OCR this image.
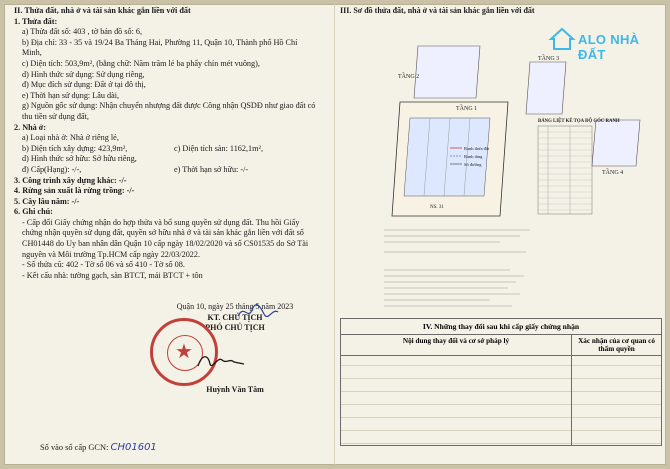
II. Thửa đất, nhà ở và tài sản khác gắn liền với đất
1. Thửa đất:
a) Thửa đất số: 403 , tờ bản đồ số: 6,
b) Địa chỉ: 33 - 35 và 19/24 Ba Tháng Hai, Phường 11, Quận 10, Thành phố Hồ Chí
Minh,
c) Diện tích: 503,9m², (bằng chữ: Năm trăm lẻ ba phẩy chín mét vuông),
d) Hình thức sử dụng: Sử dụng riêng,
đ) Mục đích sử dụng: Đất ở tại đô thị,
e) Thời hạn sử dụng: Lâu dài,
g) Nguồn gốc sử dụng: Nhận chuyển nhượng đất được Công nhận QSDĐ như giao đất có
thu tiền sử dụng đất,
2. Nhà ở:
a) Loại nhà ở: Nhà ở riêng lẻ,
b) Diện tích xây dựng: 423,9m²,	c) Diện tích sàn: 1162,1m²,
d) Hình thức sở hữu: Sở hữu riêng,
đ) Cấp(Hạng): -/-,	e) Thời hạn sở hữu: -/-
3. Công trình xây dựng khác: -/-
4. Rừng sản xuất là rừng trồng: -/-
5. Cây lâu năm: -/-
6. Ghi chú:
- Cấp đổi Giấy chứng nhận do hợp thửa và bổ sung quyền sử dụng đất. Thu hồi Giấy
chứng nhận quyền sử dụng đất, quyền sở hữu nhà ở và tài sản khác gắn liền với đất số
CH01448 do Uy ban nhân dân Quận 10 cấp ngày 18/02/2020 và số CS01535 do Sở Tài
nguyên và Môi trường Tp.HCM cấp ngày 22/03/2022.
- Số thửa cũ: 402 - Tờ số 06 và số 410 - Tờ số 08.
- Kết cấu nhà: tường gạch, sàn BTCT, mái BTCT + tôn
Quận 10, ngày 25 tháng 5 năm 2023
KT. CHỦ TỊCH
PHÓ CHỦ TỊCH
★
Huỳnh Văn Tâm
Số vào sổ cấp GCN: CH01601
III. Sơ đồ thửa đất, nhà ở và tài sản khác gắn liền với đất
TẦNG 2
TẦNG 3
TẦNG 1
NS. 31
TẦNG 4
BẢNG LIỆT KÊ TỌA ĐỘ GÓC RANH
Ranh thửa đất
Ranh tầng
Số đường
ALO NHÀ ĐẤT
IV. Những thay đổi sau khi cấp giấy chứng nhận
Nội dung thay đổi và cơ sở pháp lý	Xác nhận của cơ quan có thẩm quyền
